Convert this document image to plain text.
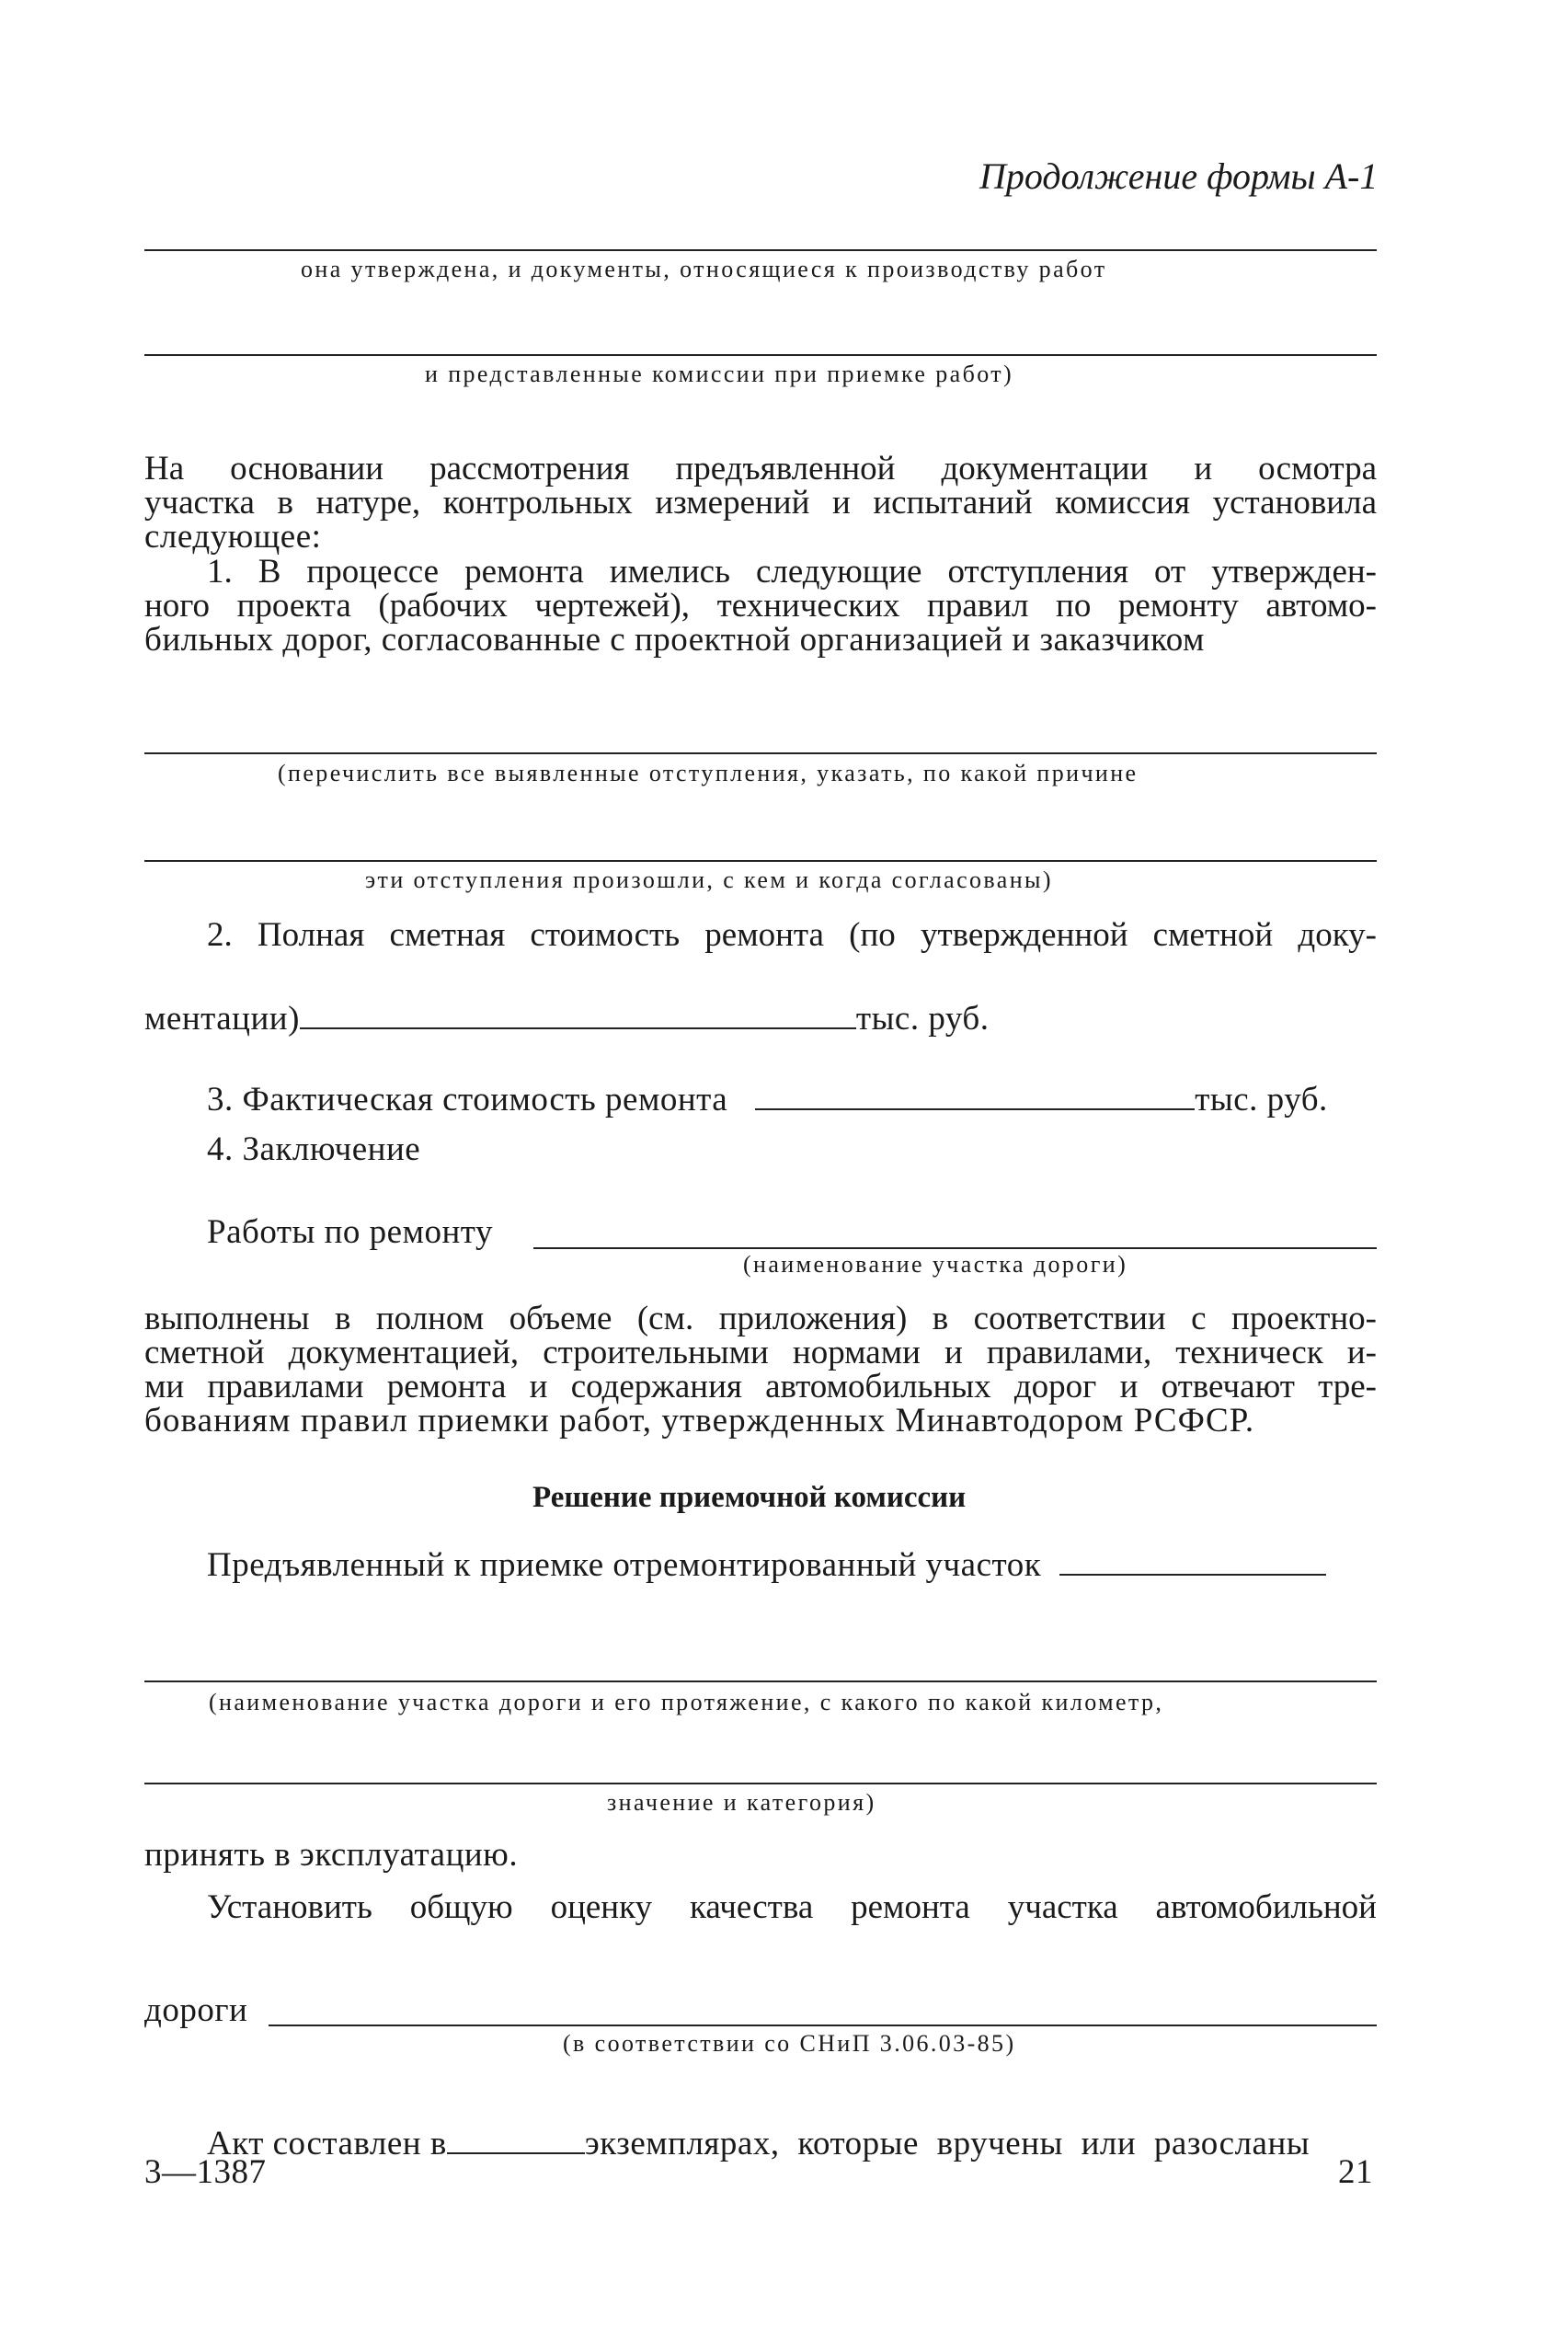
Продолжение формы А-1
она утверждена, и документы, относящиеся к производству работ
и представленные комиссии при приемке работ)
На основании рассмотрения предъявленной документации и осмотра
участка в натуре, контрольных измерений и испытаний комиссия установила
следующее:
1. В процессе ремонта имелись следующие отступления от утвержден-
ного проекта (рабочих чертежей), технических правил по ремонту автомо-
бильных дорог, согласованные с проектной организацией и заказчиком
(перечислить все выявленные отступления, указать, по какой причине
эти отступления произошли, с кем и когда согласованы)
2. Полная сметная стоимость ремонта (по утвержденной сметной доку-
ментации)	тыс. руб.
3. Фактическая стоимость ремонта	тыс. руб.
4. Заключение
Работы по ремонту
(наименование участка дороги)
выполнены в полном объеме (см. приложения) в соответствии с проектно-
сметной документацией, строительными нормами и правилами, техническ и-
ми правилами ремонта и содержания автомобильных дорог и отвечают тре-
бованиям правил приемки работ, утвержденных Минавтодором РСФСР.
Решение приемочной комиссии
Предъявленный к приемке отремонтированный участок
(наименование участка дороги и его протяжение, с какого по какой километр,
значение и категория)
принять в эксплуатацию.
Установить общую оценку качества ремонта участка автомобильной
дороги
(в соответствии со СНиП 3.06.03-85)
Акт составлен в	экземплярах, которые вручены или разосланы
3—1387	21
